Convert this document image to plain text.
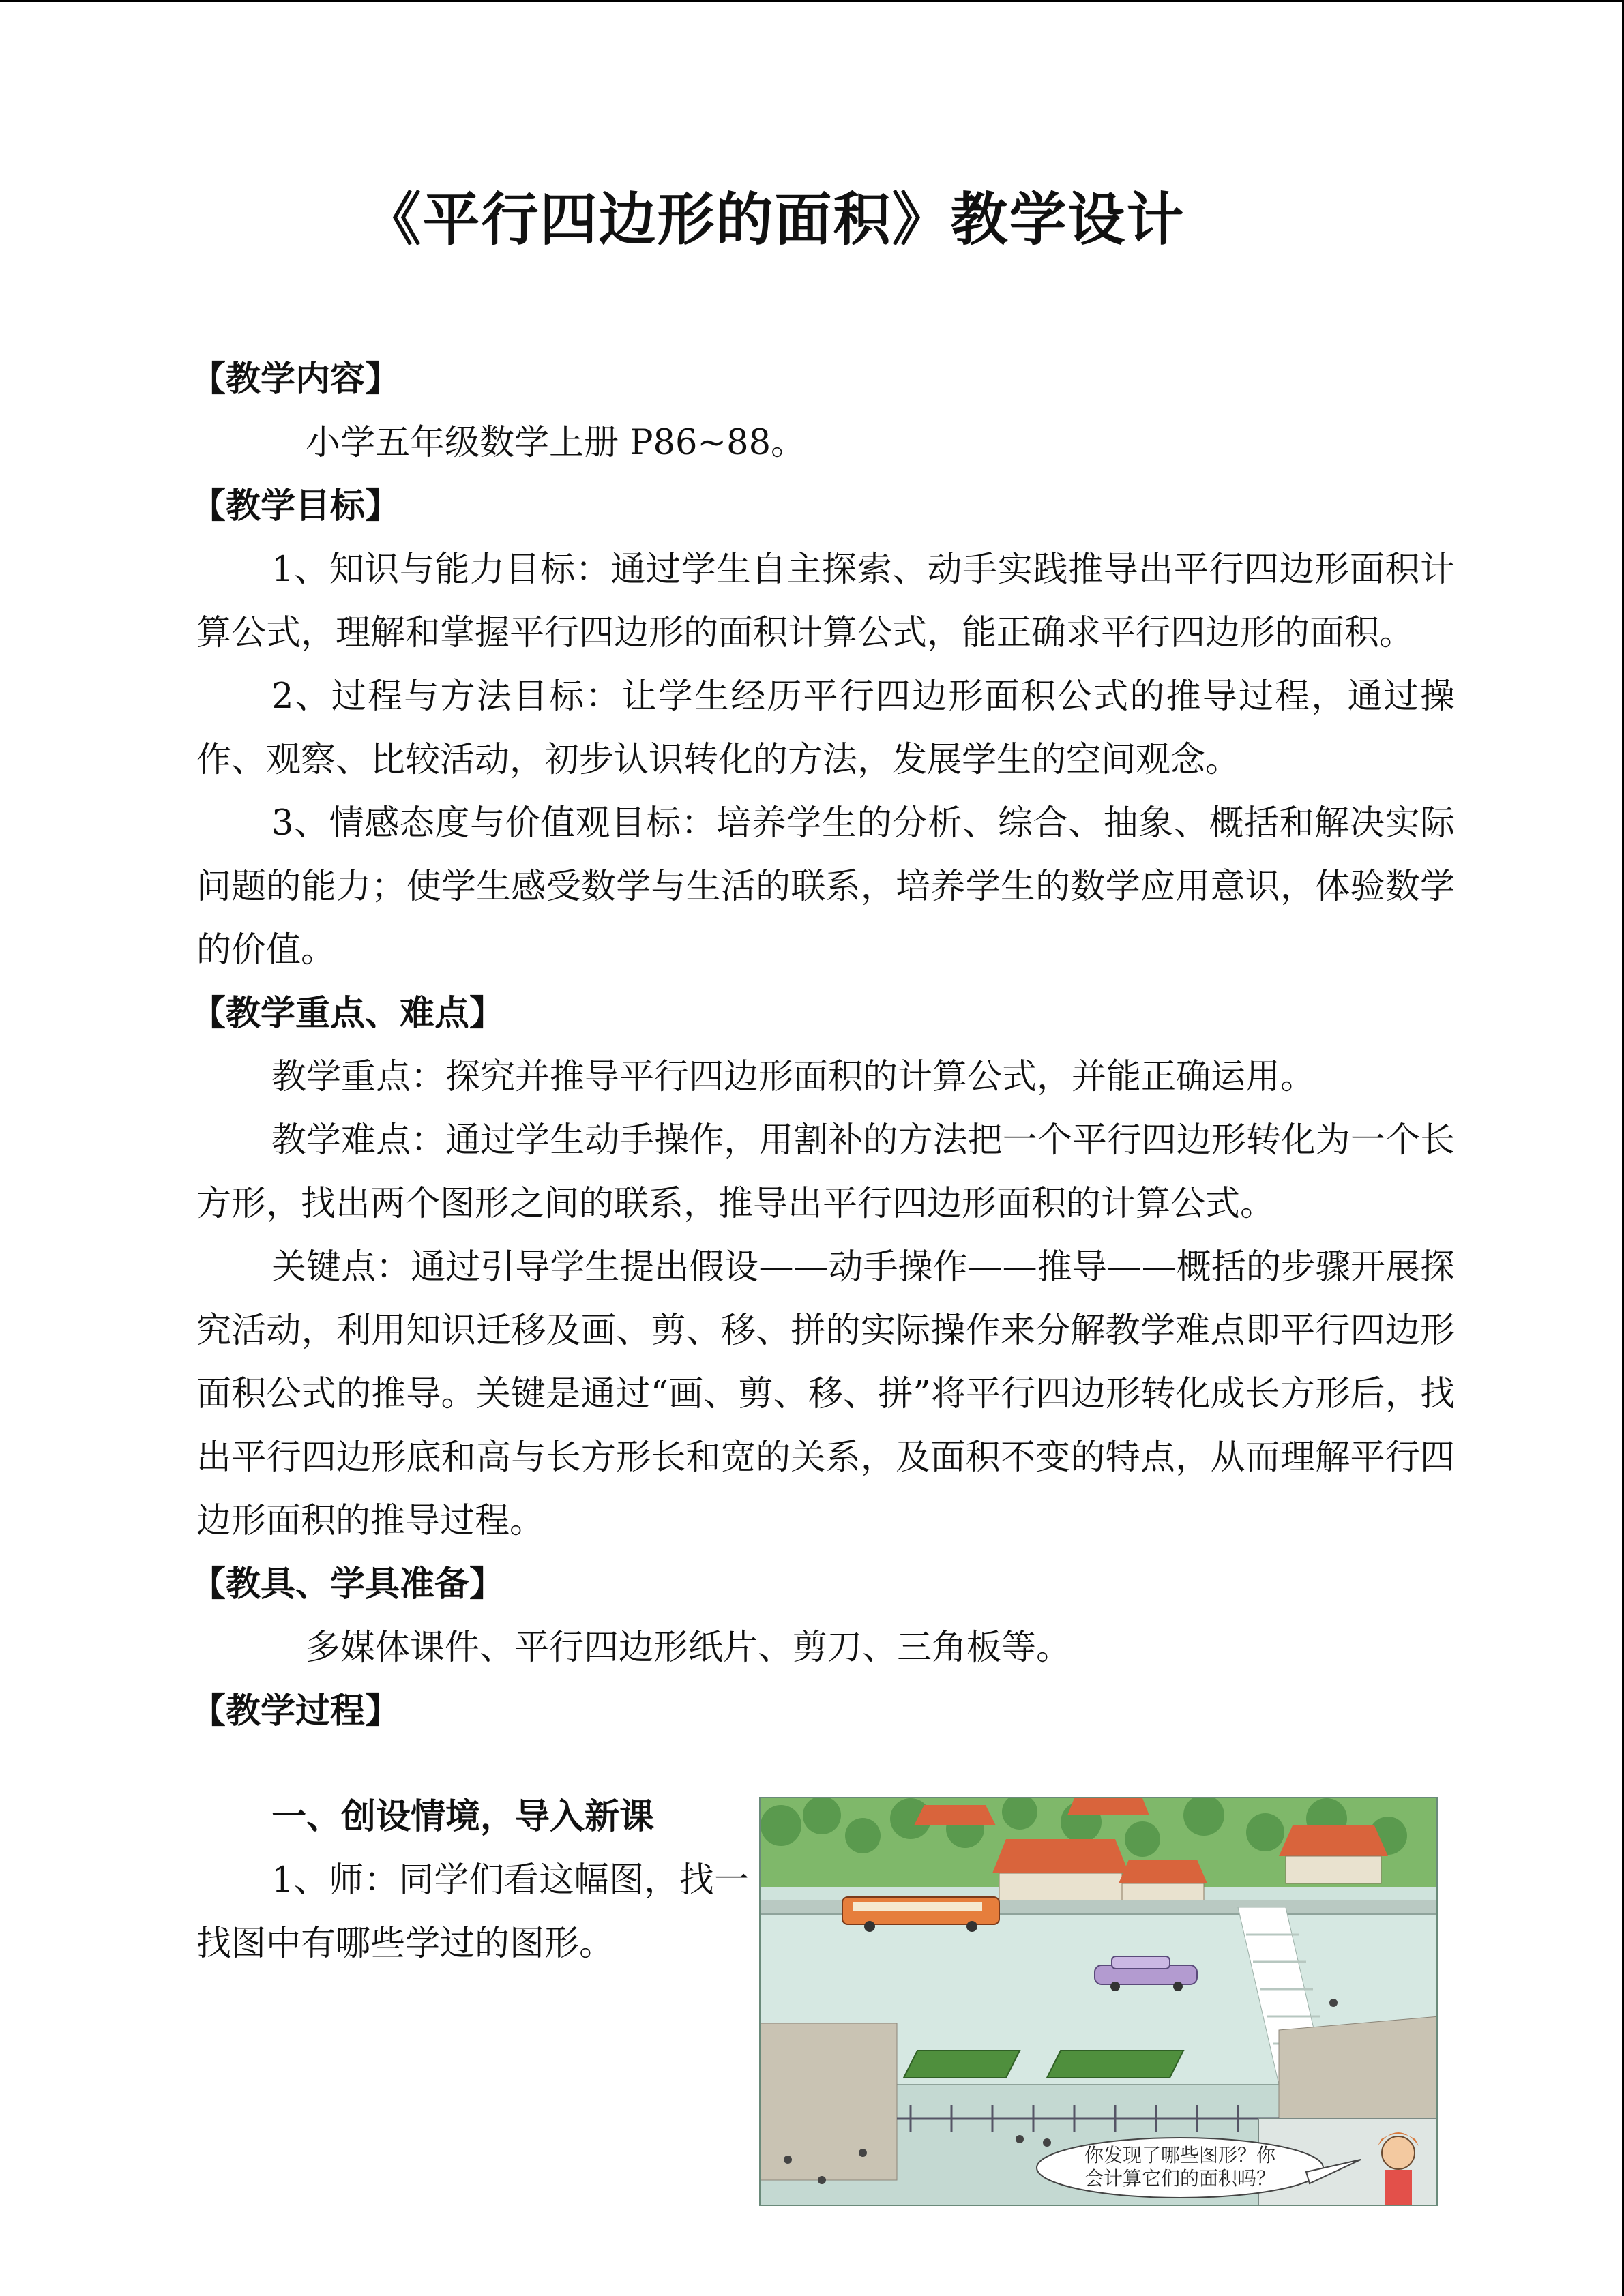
《平行四边形的面积》教学设计

【教学内容】

小学五年级数学上册 P86~88。

【教学目标】

1、知识与能力目标：通过学生自主探索、动手实践推导出平行四边形面积计算公式，理解和掌握平行四边形的面积计算公式，能正确求平行四边形的面积。

2、过程与方法目标：让学生经历平行四边形面积公式的推导过程，通过操作、观察、比较活动，初步认识转化的方法，发展学生的空间观念。

3、情感态度与价值观目标：培养学生的分析、综合、抽象、概括和解决实际问题的能力；使学生感受数学与生活的联系，培养学生的数学应用意识，体验数学的价值。

【教学重点、难点】

教学重点：探究并推导平行四边形面积的计算公式，并能正确运用。

教学难点：通过学生动手操作，用割补的方法把一个平行四边形转化为一个长方形，找出两个图形之间的联系，推导出平行四边形面积的计算公式。

关键点：通过引导学生提出假设——动手操作——推导——概括的步骤开展探究活动，利用知识迁移及画、剪、移、拼的实际操作来分解教学难点即平行四边形面积公式的推导。关键是通过“画、剪、移、拼”将平行四边形转化成长方形后，找出平行四边形底和高与长方形长和宽的关系，及面积不变的特点，从而理解平行四边形面积的推导过程。

【教具、学具准备】

多媒体课件、平行四边形纸片、剪刀、三角板等。

【教学过程】

一、创设情境，导入新课

1、师：同学们看这幅图，找一找图中有哪些学过的图形。

你发现了哪些图形？你
会计算它们的面积吗？
